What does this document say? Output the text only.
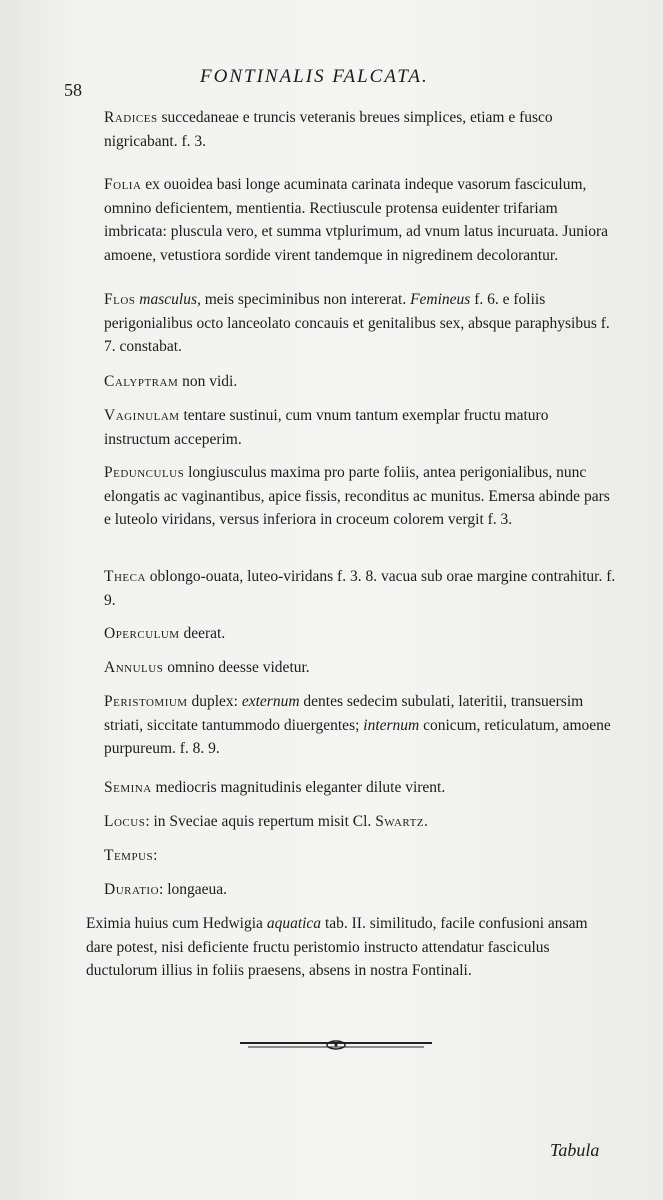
58
FONTINALIS FALCATA.

Radices succedaneae e truncis veteranis breues simplices, etiam e fusco nigricabant. f. 3.

Folia ex ouoidea basi longe acuminata carinata indeque vasorum fasciculum, omnino deficientem, mentientia. Rectiuscule protensa euidenter trifariam imbricata: pluscula vero, et summa vtplurimum, ad vnum latus incuruata. Juniora amoene, vetustiora sordide virent tandemque in nigredinem decolorantur.

Flos masculus, meis speciminibus non intererat. Femineus f. 6. e foliis perigonialibus octo lanceolato concauis et genitalibus sex, absque paraphysibus f. 7. constabat.

Calyptram non vidi.

Vaginulam tentare sustinui, cum vnum tantum exemplar fructu maturo instructum acceperim.

Pedunculus longiusculus maxima pro parte foliis, antea perigonialibus, nunc elongatis ac vaginantibus, apice fissis, reconditus ac munitus. Emersa abinde pars e luteolo viridans, versus inferiora in croceum colorem vergit f. 3.

Theca oblongo-ouata, luteo-viridans f. 3. 8. vacua sub orae margine contrahitur. f. 9.

Operculum deerat.

Annulus omnino deesse videtur.

Peristomium duplex: externum dentes sedecim subulati, lateritii, transuersim striati, siccitate tantummodo diuergentes; internum conicum, reticulatum, amoene purpureum. f. 8. 9.

Semina mediocris magnitudinis eleganter dilute virent.

Locus: in Sveciae aquis repertum misit Cl. Swartz.

Tempus:

Duratio: longaeua.

Eximia huius cum Hedwigia aquatica tab. II. similitudo, facile confusioni ansam dare potest, nisi deficiente fructu peristomio instructo attendatur fasciculus ductulorum illius in foliis praesens, absens in nostra Fontinali.

Tabula
